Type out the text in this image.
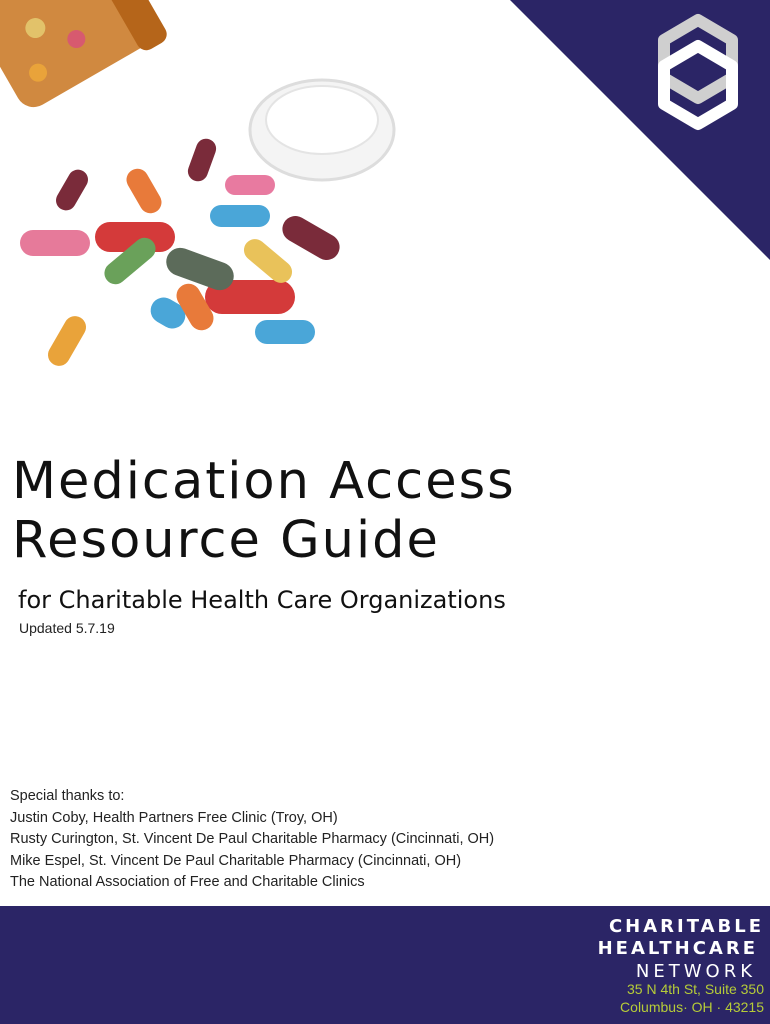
Medication Access
Resource Guide
for Charitable Health Care Organizations
Updated 5.7.19
Special thanks to:
Justin Coby, Health Partners Free Clinic (Troy, OH)
Rusty Curington, St. Vincent De Paul Charitable Pharmacy (Cincinnati, OH)
Mike Espel, St. Vincent De Paul Charitable Pharmacy (Cincinnati, OH)
The National Association of Free and Charitable Clinics
CHARITABLE
HEALTHCARE
NETWORK
35 N 4th St, Suite 350
Columbus· OH · 43215
